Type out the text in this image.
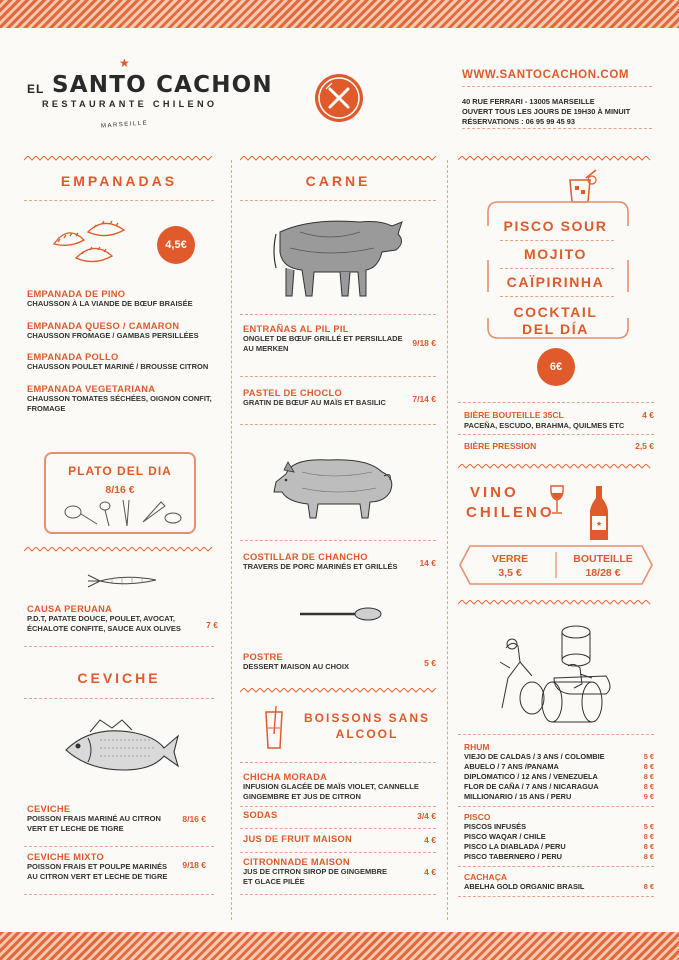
★
EL SANTO CACHON
RESTAURANTE CHILENO
MARSEILLE
WWW.SANTOCACHON.COM
40 RUE FERRARI - 13005 MARSEILLE
OUVERT TOUS LES JOURS DE 19H30 À MINUIT
RÉSERVATIONS : 06 95 99 45 93
EMPANADAS
4,5€
EMPANADA DE PINO
CHAUSSON À LA VIANDE DE BŒUF BRAISÉE
EMPANADA QUESO / CAMARON
CHAUSSON FROMAGE / GAMBAS PERSILLÉES
EMPANADA POLLO
CHAUSSON POULET MARINÉ / BROUSSE CITRON
EMPANADA VEGETARIANA
CHAUSSON TOMATES SÉCHÉES, OIGNON CONFIT,
FROMAGE
PLATO DEL DIA
8/16 €
CAUSA PERUANA
P.D.T, PATATE DOUCE, POULET, AVOCAT,
ÉCHALOTE CONFITE, SAUCE AUX OLIVES	7 €
CEVICHE
CEVICHE
POISSON FRAIS MARINÉ AU CITRON
VERT ET LECHE DE TIGRE
8/16 €
CEVICHE MIXTO
POISSON FRAIS ET POULPE MARINÉS
AU CITRON VERT ET LECHE DE TIGRE
9/18 €
CARNE
ENTRAÑAS AL PIL PIL
ONGLET DE BŒUF GRILLÉ ET PERSILLADE
AU MERKEN
9/18 €
PASTEL DE CHOCLO
GRATIN DE BŒUF AU MAÏS ET BASILIC	7/14 €
COSTILLAR DE CHANCHO
TRAVERS DE PORC MARINÉS ET GRILLÉS	14 €
POSTRE
DESSERT MAISON AU CHOIX	5 €
BOISSONS SANS
ALCOOL
CHICHA MORADA
INFUSION GLACÉE DE MAÏS VIOLET, CANNELLE
GINGEMBRE ET JUS DE CITRON
SODAS	3/4 €
JUS DE FRUIT MAISON	4 €
CITRONNADE MAISON
JUS DE CITRON SIROP DE GINGEMBRE
ET GLACE PILÉE
4 €
PISCO SOUR
MOJITO
CAÏPIRINHA
COCKTAIL
DEL DÍA
6€
BIÈRE BOUTEILLE 35CL	4 €
PACEÑA, ESCUDO, BRAHMA, QUILMES ETC
BIÈRE PRESSION	2,5 €
VINO
CHILENO
★
VERRE
3,5 €
BOUTEILLE
18/28 €
RHUM
VIEJO DE CALDAS / 3 ANS / COLOMBIE	5 €
ABUELO / 7 ANS /PANAMA	8 €
DIPLOMATICO / 12 ANS / VENEZUELA	8 €
FLOR DE CAÑA / 7 ANS / NICARAGUA	8 €
MILLIONARIO / 15 ANS / PERU	9 €
PISCO
PISCOS INFUSÉS	5 €
PISCO WAQAR / CHILE	8 €
PISCO LA DIABLADA / PERU	8 €
PISCO TABERNERO / PERU	8 €
CACHAÇA
ABELHA GOLD ORGANIC BRASIL	8 €
